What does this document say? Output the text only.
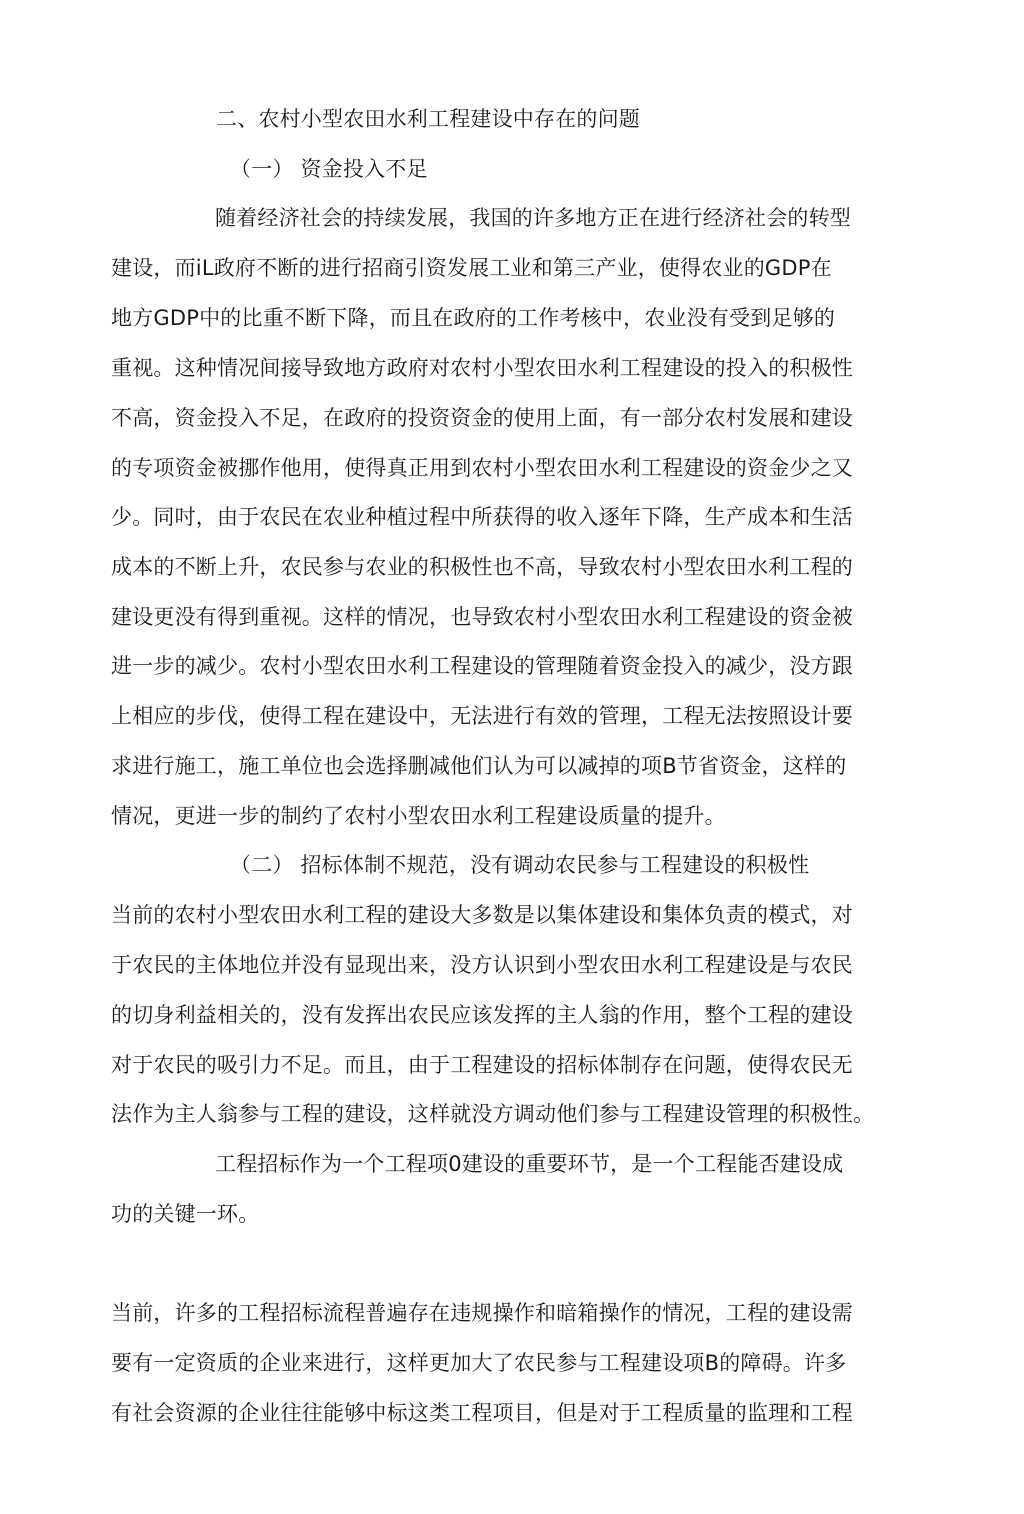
二、农村小型农田水利工程建设中存在的问题
（一） 资金投入不足
随着经济社会的持续发展，我国的许多地方正在进行经济社会的转型
建设，而iL政府不断的进行招商引资发展工业和第三产业，使得农业的GDP在
地方GDP中的比重不断下降，而且在政府的工作考核中，农业没有受到足够的
重视。这种情况间接导致地方政府对农村小型农田水利工程建设的投入的积极性
不高，资金投入不足，在政府的投资资金的使用上面，有一部分农村发展和建设
的专项资金被挪作他用，使得真正用到农村小型农田水利工程建设的资金少之又
少。同吋，由于农民在农业种植过程中所获得的收入逐年下降，生产成本和生活
成本的不断上升，农民参与农业的积极性也不高，导致农村小型农田水利工程的
建设更没有得到重视。这样的情况，也导致农村小型农田水利工程建设的资金被
进一步的减少。农村小型农田水利工程建设的管理随着资金投入的减少，没方跟
上相应的步伐，使得工程在建设中，无法进行有效的管理，工程无法按照设计要
求进行施工，施工单位也会选择删减他们认为可以减掉的项B节省资金，这样的
情况，更进一步的制约了农村小型农田水利工程建设质量的提升。
（二） 招标体制不规范，没有调动农民参与工程建设的积极性
当前的农村小型农田水利工程的建设大多数是以集体建设和集体负责的模式，对
于农民的主体地位并没有显现出来，没方认识到小型农田水利工程建设是与农民
的切身利益相关的，没有发挥出农民应该发挥的主人翁的作用，整个工程的建设
对于农民的吸引力不足。而且，由于工程建设的招标体制存在问题，使得农民无
法作为主人翁参与工程的建设，这样就没方调动他们参与工程建设管理的积极性。
工程招标作为一个工程项0建设的重要环节，是一个工程能否建设成
功的关键一环。
当前，许多的工程招标流程普遍存在违规操作和暗箱操作的情况，工程的建设需
要有一定资质的企业来进行，这样更加大了农民参与工程建设项B的障碍。许多
有社会资源的企业往往能够中标这类工程项目，但是对于工程质量的监理和工程
